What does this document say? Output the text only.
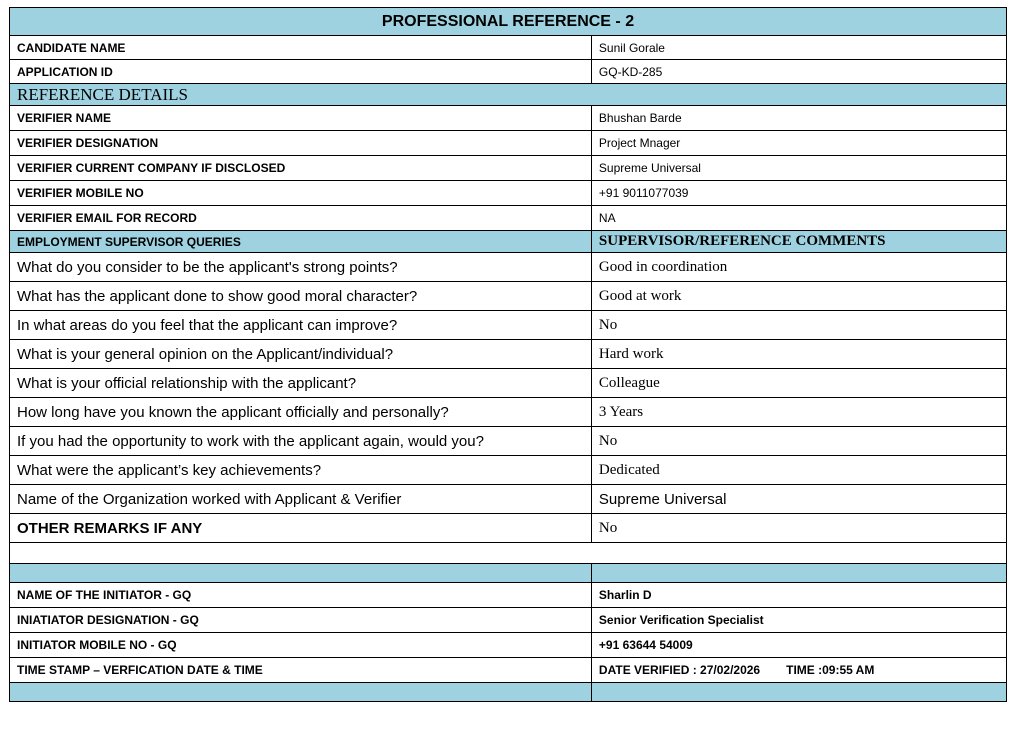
PROFESSIONAL REFERENCE - 2	
CANDIDATE NAME	Sunil Gorale
APPLICATION ID	GQ-KD-285
REFERENCE DETAILS	
VERIFIER NAME	Bhushan Barde
VERIFIER DESIGNATION	Project Mnager
VERIFIER CURRENT COMPANY IF DISCLOSED	Supreme Universal
VERIFIER MOBILE NO	+91 9011077039
VERIFIER EMAIL FOR RECORD	NA
EMPLOYMENT SUPERVISOR QUERIES	SUPERVISOR/REFERENCE COMMENTS
What do you consider to be the applicant's strong points?	Good in coordination
What has the applicant done to show good moral character?	Good at work
In what areas do you feel that the applicant can improve?	No
What is your general opinion on the Applicant/individual?	Hard work
What is your official relationship with the applicant?	Colleague
How long have you known the applicant officially and personally?	3 Years
If you had the opportunity to work with the applicant again, would you?	No
What were the applicant’s key achievements?	Dedicated
Name of the Organization worked with Applicant & Verifier	Supreme Universal
OTHER REMARKS IF ANY	No

NAME OF THE INITIATOR - GQ	Sharlin D
INIATIATOR DESIGNATION - GQ	Senior Verification Specialist
INITIATOR MOBILE NO - GQ	+91 63644 54009
TIME STAMP – VERFICATION DATE & TIME	DATE VERIFIED : 27/02/2026 TIME :09:55 AM
